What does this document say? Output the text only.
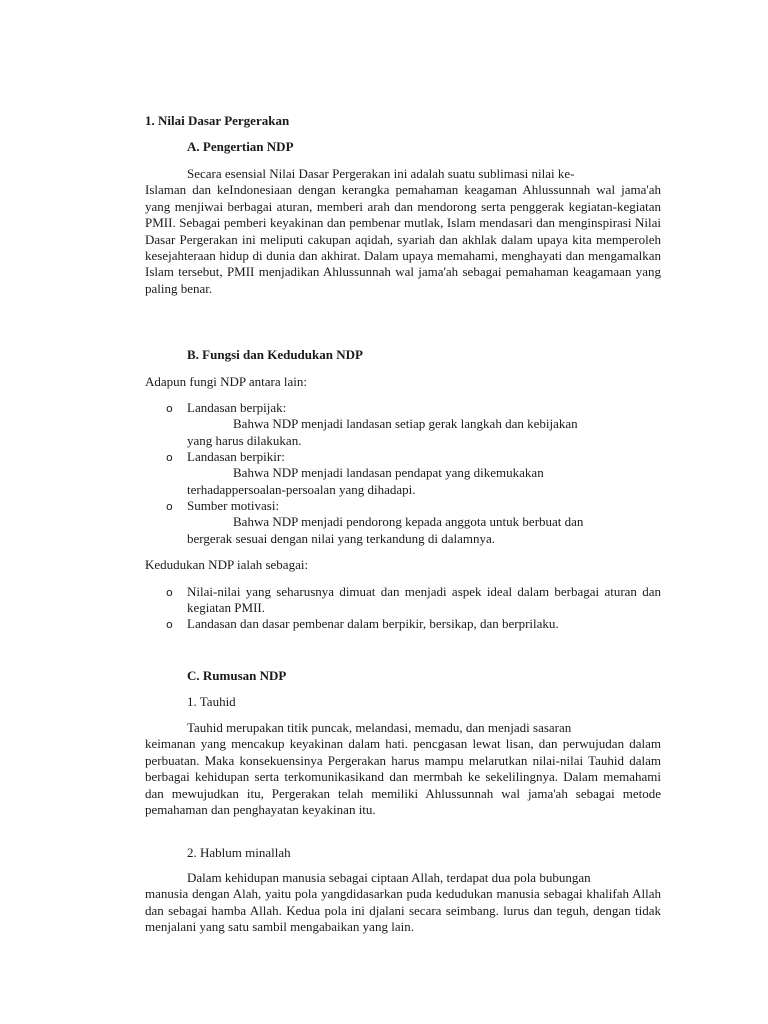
1. Nilai Dasar Pergerakan
A. Pengertian NDP

Secara esensial Nilai Dasar Pergerakan ini adalah suatu sublimasi nilai ke-

Islaman dan keIndonesiaan dengan kerangka pemahaman keagaman Ahlussunnah wal jama'ah yang menjiwai berbagai aturan, memberi arah dan mendorong serta penggerak kegiatan-kegiatan PMII. Sebagai pemberi keyakinan dan pembenar mutlak, Islam mendasari dan menginspirasi Nilai Dasar Pergerakan ini meliputi cakupan aqidah, syariah dan akhlak dalam upaya kita memperoleh kesejahteraan hidup di dunia dan akhirat. Dalam upaya memahami, menghayati dan mengamalkan Islam tersebut, PMII menjadikan Ahlussunnah wal jama'ah sebagai pemahaman keagamaan yang paling benar.

B. Fungsi dan Kedudukan NDP
Adapun fungi NDP antara lain:
o Landasan berpijak:

Bahwa NDP menjadi landasan setiap gerak langkah dan kebijakan

yang harus dilakukan.

o Landasan berpikir:

Bahwa NDP menjadi landasan pendapat yang dikemukakan

terhadappersoalan-persoalan yang dihadapi.

o Sumber motivasi:

Bahwa NDP menjadi pendorong kepada anggota untuk berbuat dan

bergerak sesuai dengan nilai yang terkandung di dalamnya.

Kedudukan NDP ialah sebagai:
o Nilai-nilai yang seharusnya dimuat dan menjadi aspek ideal dalam berbagai aturan dan kegiatan PMII.
o Landasan dan dasar pembenar dalam berpikir, bersikap, dan berprilaku.
C. Rumusan NDP
1. Tauhid

Tauhid merupakan titik puncak, melandasi, memadu, dan menjadi sasaran

keimanan yang mencakup keyakinan dalam hati. pencgasan lewat lisan, dan perwujudan dalam perbuatan. Maka konsekuensinya Pergerakan harus mampu melarutkan nilai-nilai Tauhid dalam berbagai kehidupan serta terkomunikasikand dan mermbah ke sekelilingnya. Dalam memahami dan mewujudkan itu, Pergerakan telah memiliki Ahlussunnah wal jama'ah sebagai metode pemahaman dan penghayatan keyakinan itu.

2. Hablum minallah

Dalam kehidupan manusia sebagai ciptaan Allah, terdapat dua pola bubungan

manusia dengan Alah, yaitu pola yangdidasarkan puda kedudukan manusia sebagai khalifah Allah dan sebagai hamba Allah. Kedua pola ini djalani secara seimbang. lurus dan teguh, dengan tidak menjalani yang satu sambil mengabaikan yang lain.
